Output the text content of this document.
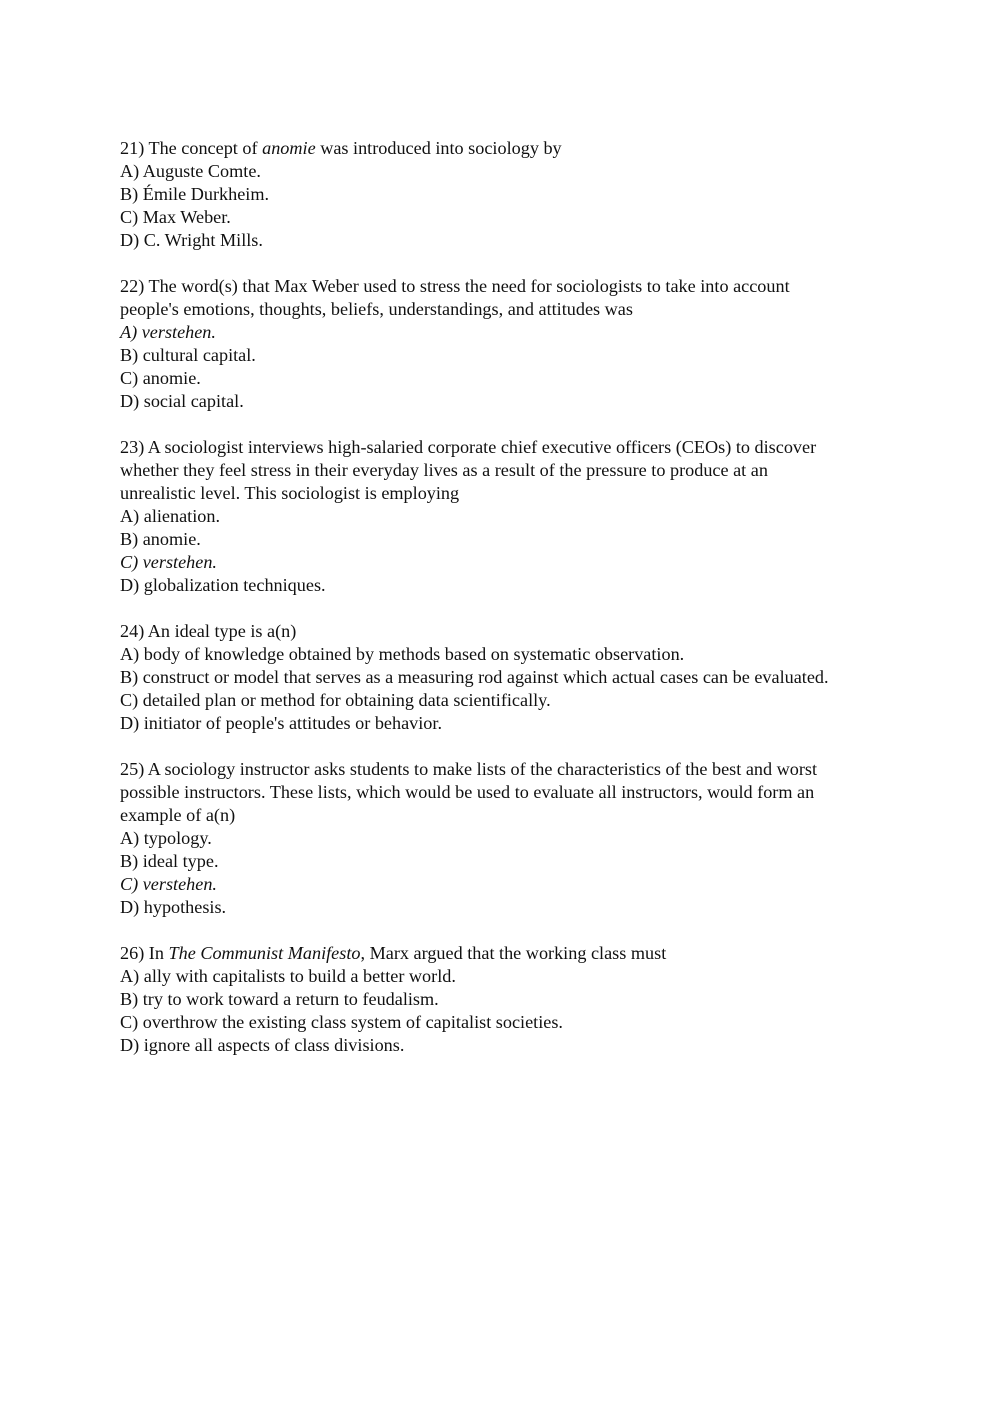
21) The concept of anomie was introduced into sociology by
A) Auguste Comte.
B) Émile Durkheim.
C) Max Weber.
D) C. Wright Mills.
22) The word(s) that Max Weber used to stress the need for sociologists to take into account
people's emotions, thoughts, beliefs, understandings, and attitudes was
A) verstehen.
B) cultural capital.
C) anomie.
D) social capital.
23) A sociologist interviews high-salaried corporate chief executive officers (CEOs) to discover
whether they feel stress in their everyday lives as a result of the pressure to produce at an
unrealistic level. This sociologist is employing
A) alienation.
B) anomie.
C) verstehen.
D) globalization techniques.
24) An ideal type is a(n)
A) body of knowledge obtained by methods based on systematic observation.
B) construct or model that serves as a measuring rod against which actual cases can be evaluated.
C) detailed plan or method for obtaining data scientifically.
D) initiator of people's attitudes or behavior.
25) A sociology instructor asks students to make lists of the characteristics of the best and worst
possible instructors. These lists, which would be used to evaluate all instructors, would form an
example of a(n)
A) typology.
B) ideal type.
C) verstehen.
D) hypothesis.
26) In The Communist Manifesto, Marx argued that the working class must
A) ally with capitalists to build a better world.
B) try to work toward a return to feudalism.
C) overthrow the existing class system of capitalist societies.
D) ignore all aspects of class divisions.
